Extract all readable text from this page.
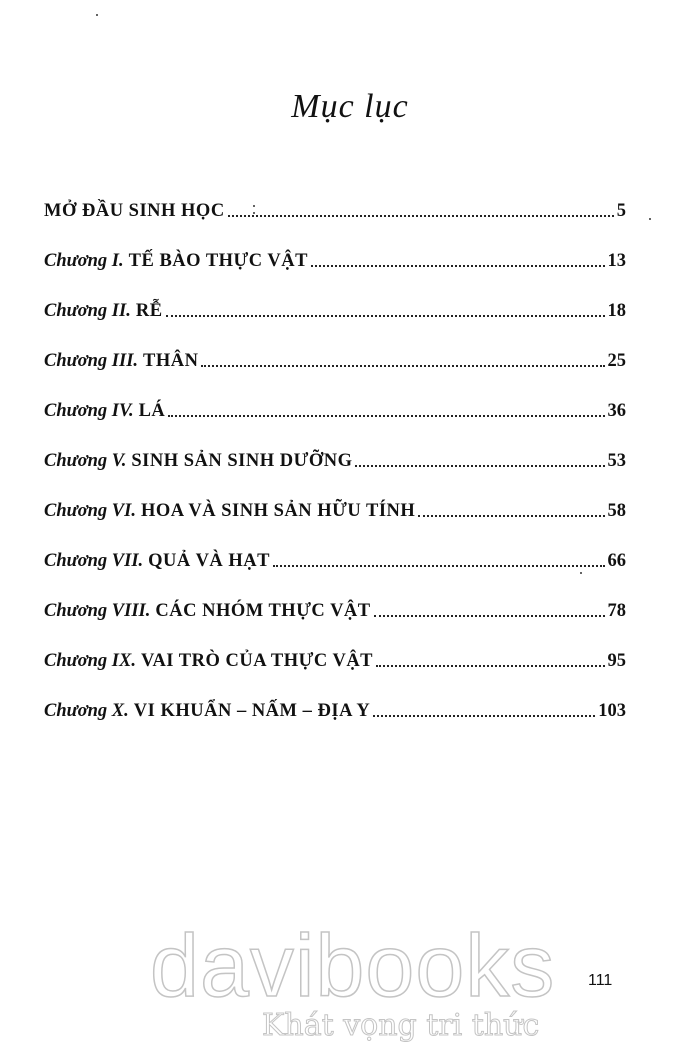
Mục lục
MỞ ĐẦU SINH HỌC	5
Chương I. TẾ BÀO THỰC VẬT	13
Chương II. RỄ	18
Chương III. THÂN	25
Chương IV. LÁ	36
Chương V. SINH SẢN SINH DƯỠNG	53
Chương VI. HOA VÀ SINH SẢN HỮU TÍNH	58
Chương VII. QUẢ VÀ HẠT	66
Chương VIII. CÁC NHÓM THỰC VẬT	78
Chương IX. VAI TRÒ CỦA THỰC VẬT	95
Chương X. VI KHUẨN – NẤM – ĐỊA Y	103
davibooks
Khát vọng tri thức
111
